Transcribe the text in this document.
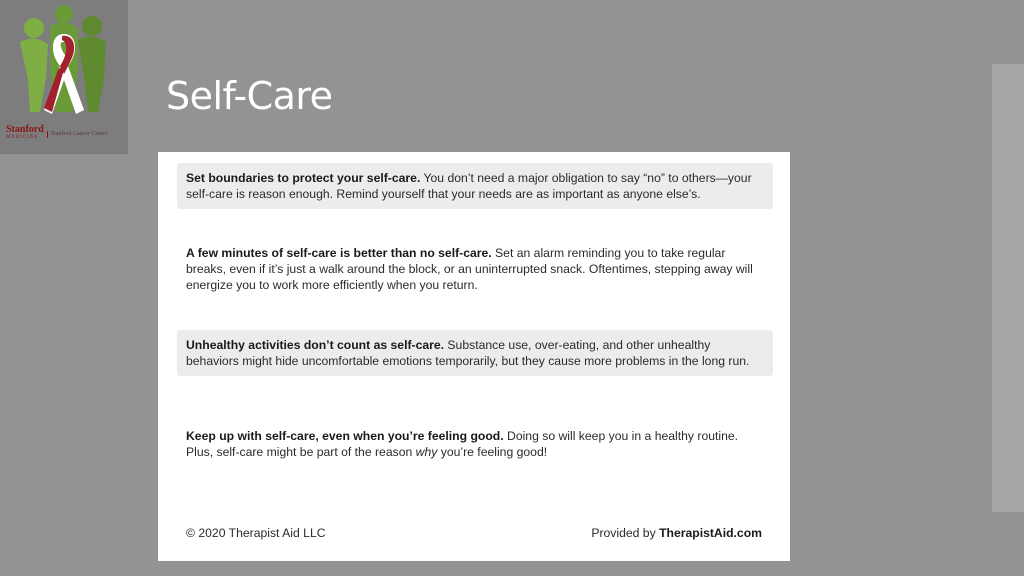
Stanford
MEDICINE
Stanford Cancer Center
Self-Care
Set boundaries to protect your self-care. You don’t need a major obligation to say “no” to others—your self-care is reason enough. Remind yourself that your needs are as important as anyone else’s.
A few minutes of self-care is better than no self-care. Set an alarm reminding you to take regular breaks, even if it’s just a walk around the block, or an uninterrupted snack. Oftentimes, stepping away will energize you to work more efficiently when you return.
Unhealthy activities don’t count as self-care. Substance use, over-eating, and other unhealthy behaviors might hide uncomfortable emotions temporarily, but they cause more problems in the long run.
Keep up with self-care, even when you’re feeling good. Doing so will keep you in a healthy routine. Plus, self-care might be part of the reason why you’re feeling good!
© 2020 Therapist Aid LLC	Provided by TherapistAid.com
